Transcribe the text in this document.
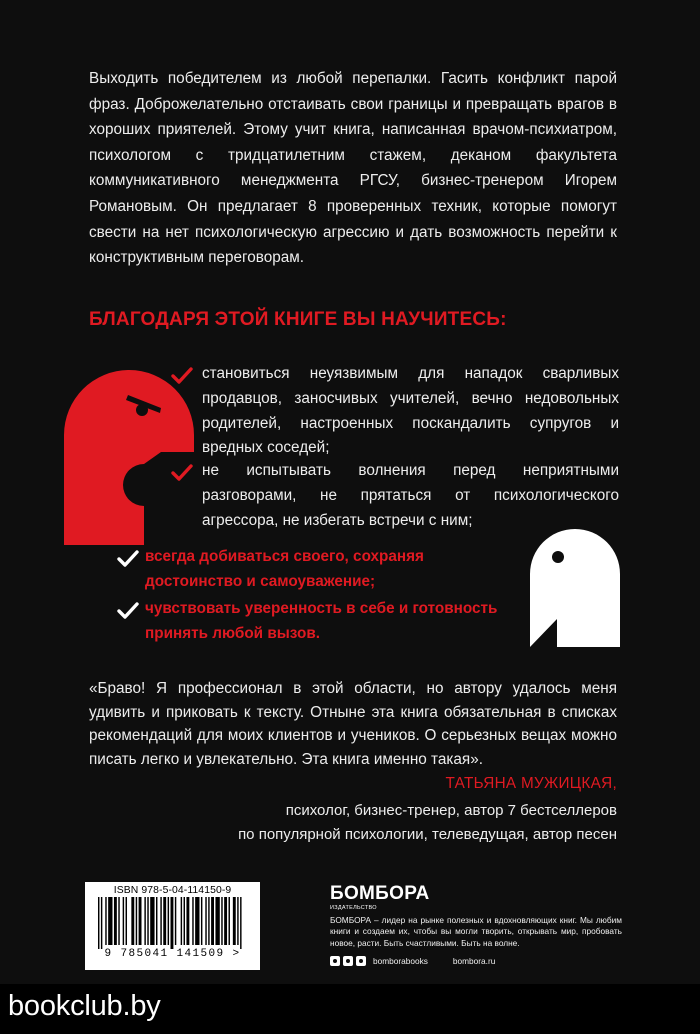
Выходить победителем из любой перепалки. Гасить конфликт парой фраз. Доброжелательно отстаивать свои границы и превращать врагов в хороших приятелей. Этому учит книга, написанная врачом-психиатром, психологом с тридцатилетним стажем, деканом факультета коммуникативного менеджмента РГСУ, бизнес-тренером Игорем Романовым. Он предлагает 8 проверенных техник, которые помогут свести на нет психологическую агрессию и дать возможность перейти к конструктивным переговорам.

БЛАГОДАРЯ ЭТОЙ КНИГЕ ВЫ НАУЧИТЕСЬ:
становиться неуязвимым для нападок сварливых продавцов, заносчивых учителей, вечно недовольных родителей, настроенных поскандалить супругов и вредных соседей;
не испытывать волнения перед неприятными разговорами, не прятаться от психологического агрессора, не избегать встречи с ним;
всегда добиваться своего, сохраняя достоинство и самоуважение;
чувствовать уверенность в себе и готовность принять любой вызов.

«Браво! Я профессионал в этой области, но автору удалось меня удивить и приковать к тексту. Отныне эта книга обязательная в списках рекомендаций для моих клиентов и учеников. О серьезных вещах можно писать легко и увлекательно. Эта книга именно такая».

ТАТЬЯНА МУЖИЦКАЯ,
психолог, бизнес-тренер, автор 7 бестселлеров
по популярной психологии, телеведущая, автор песен
ISBN 978-5-04-114150-9
9 785041 141509 >
БОМБОРА
ИЗДАТЕЛЬСТВО

БОМБОРА – лидер на рынке полезных и вдохновляющих книг. Мы любим книги и создаем их, чтобы вы могли творить, открывать мир, пробовать новое, расти. Быть счастливыми. Быть на волне.

bomborabooks	bombora.ru
bookclub.by
